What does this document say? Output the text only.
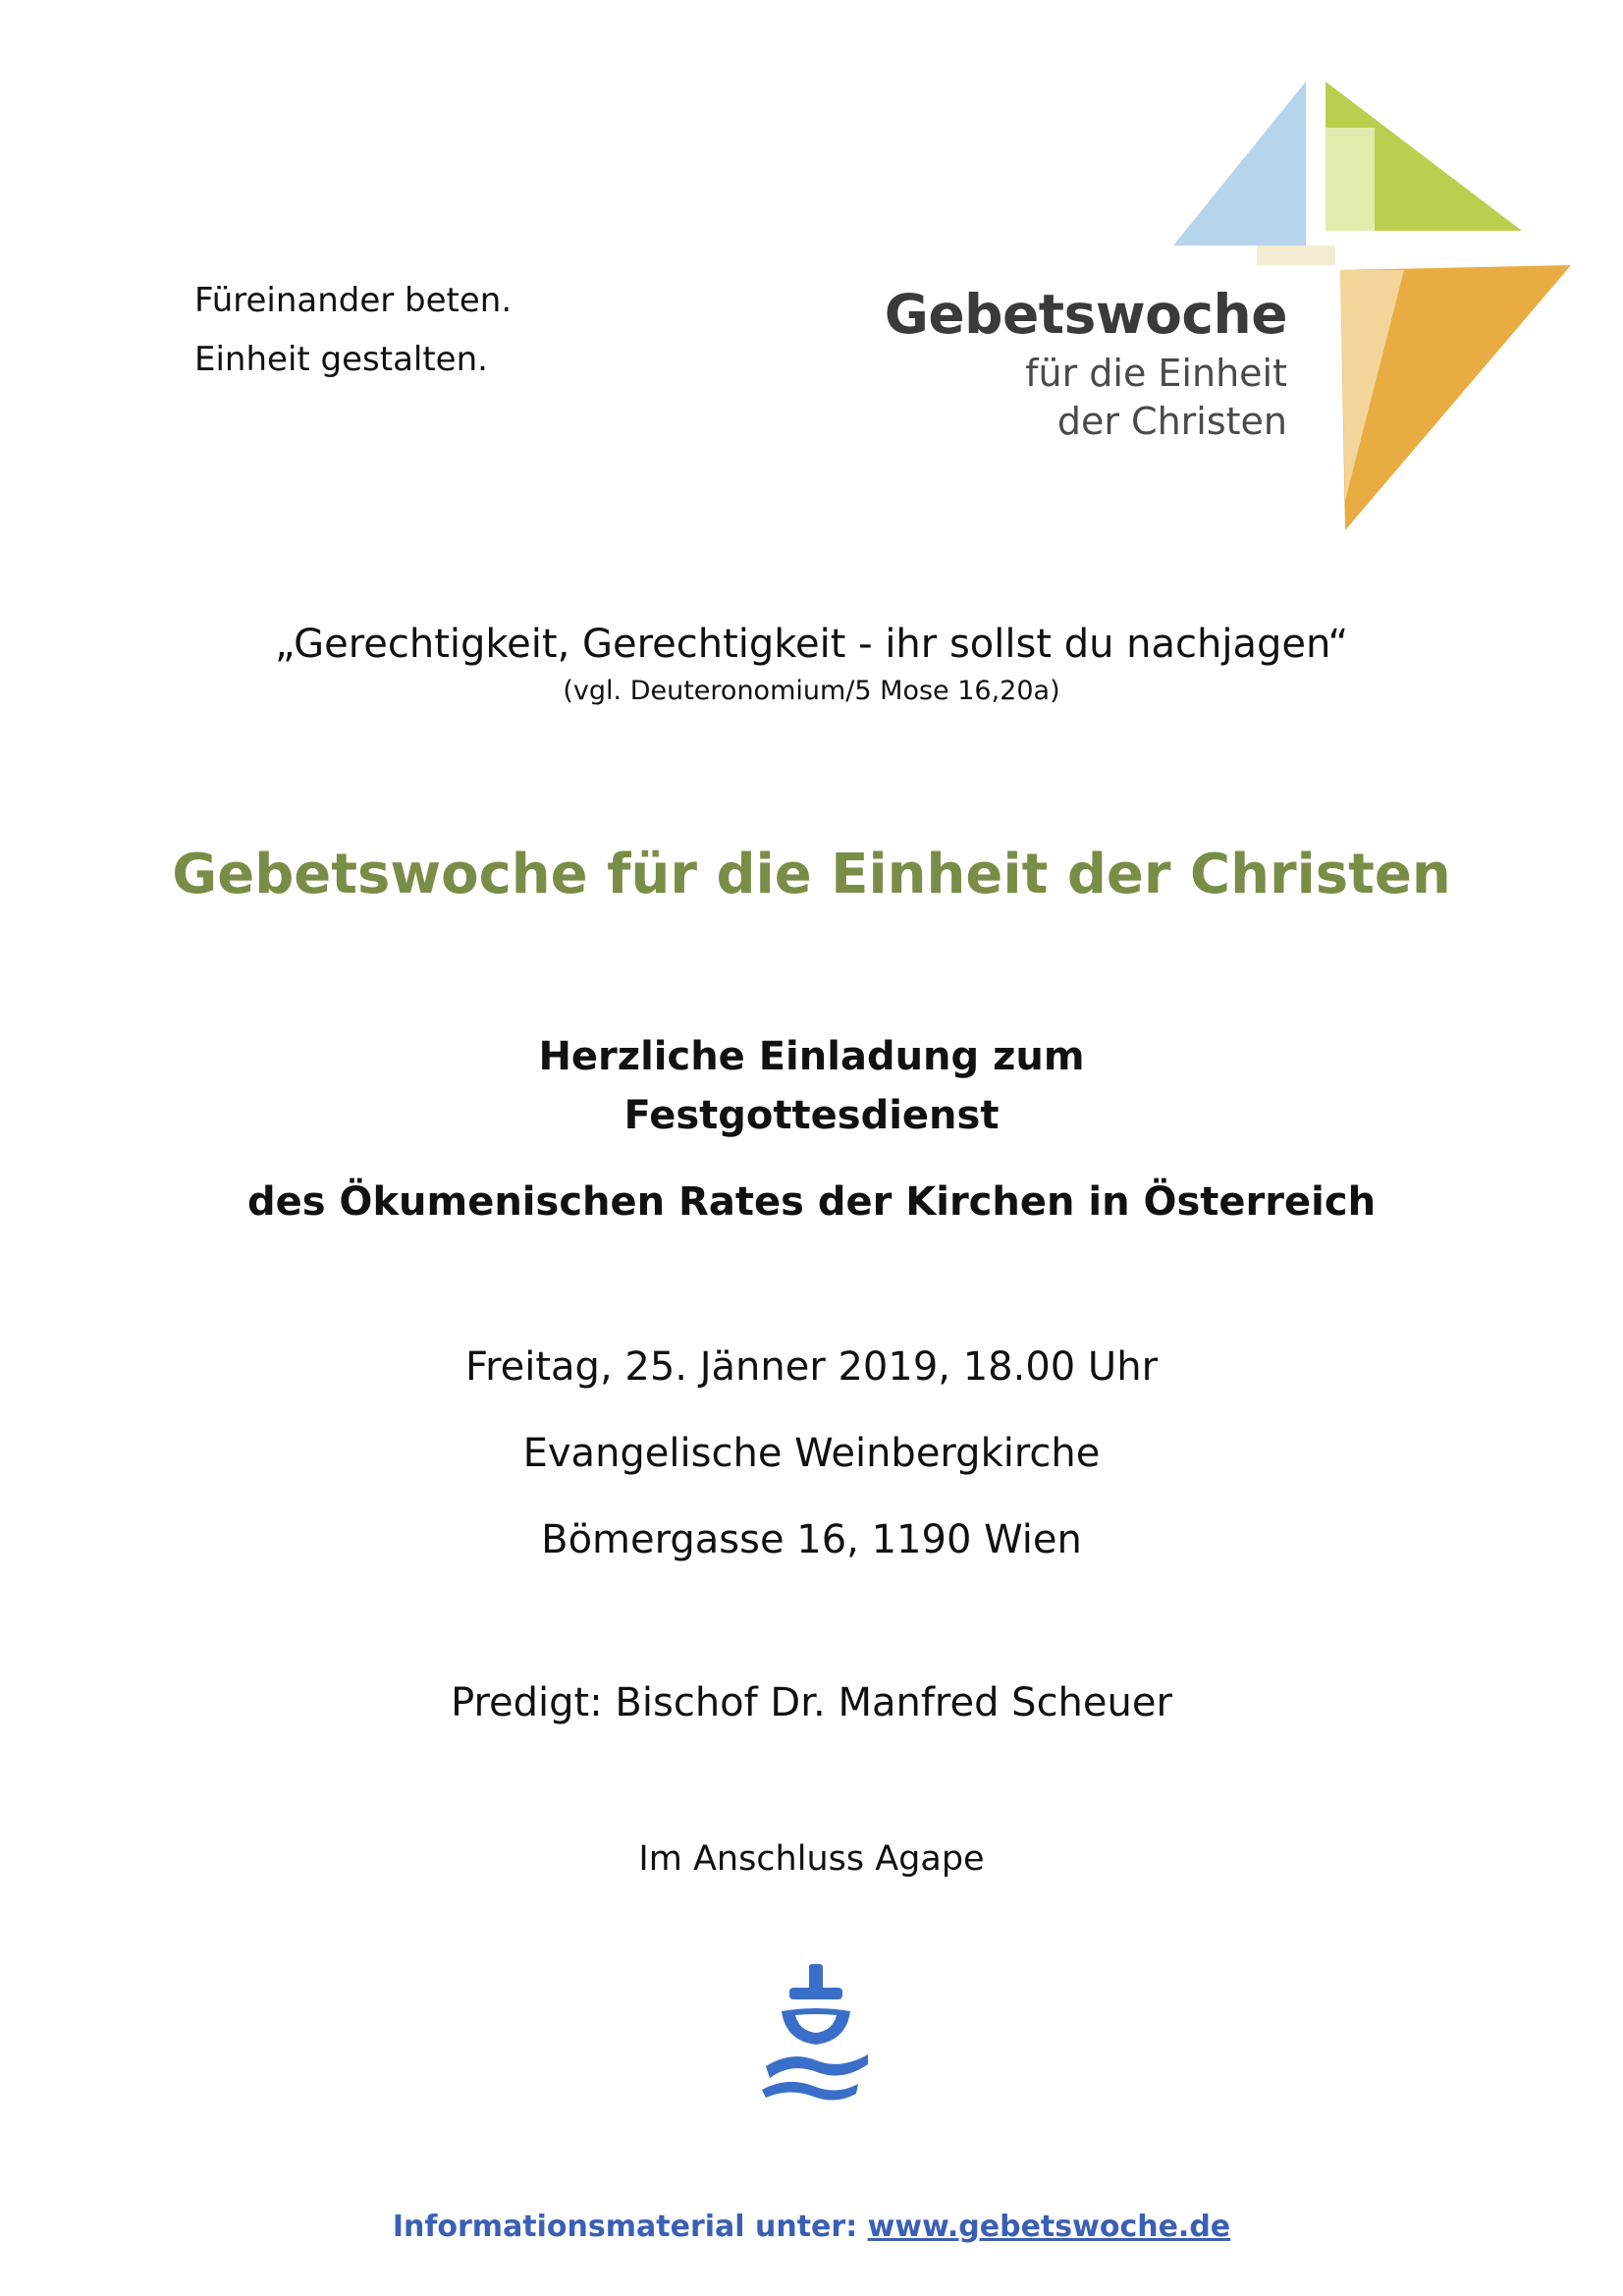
Füreinander beten.
Einheit gestalten.
Gebetswoche
für die Einheit
der Christen
„Gerechtigkeit, Gerechtigkeit - ihr sollst du nachjagen“
(vgl. Deuteronomium/5 Mose 16,20a)
Gebetswoche für die Einheit der Christen
Herzliche Einladung zum
Festgottesdienst
des Ökumenischen Rates der Kirchen in Österreich
Freitag, 25. Jänner 2019, 18.00 Uhr
Evangelische Weinbergkirche
Bömergasse 16, 1190 Wien
Predigt: Bischof Dr. Manfred Scheuer
Im Anschluss Agape
Informationsmaterial unter: www.gebetswoche.de
